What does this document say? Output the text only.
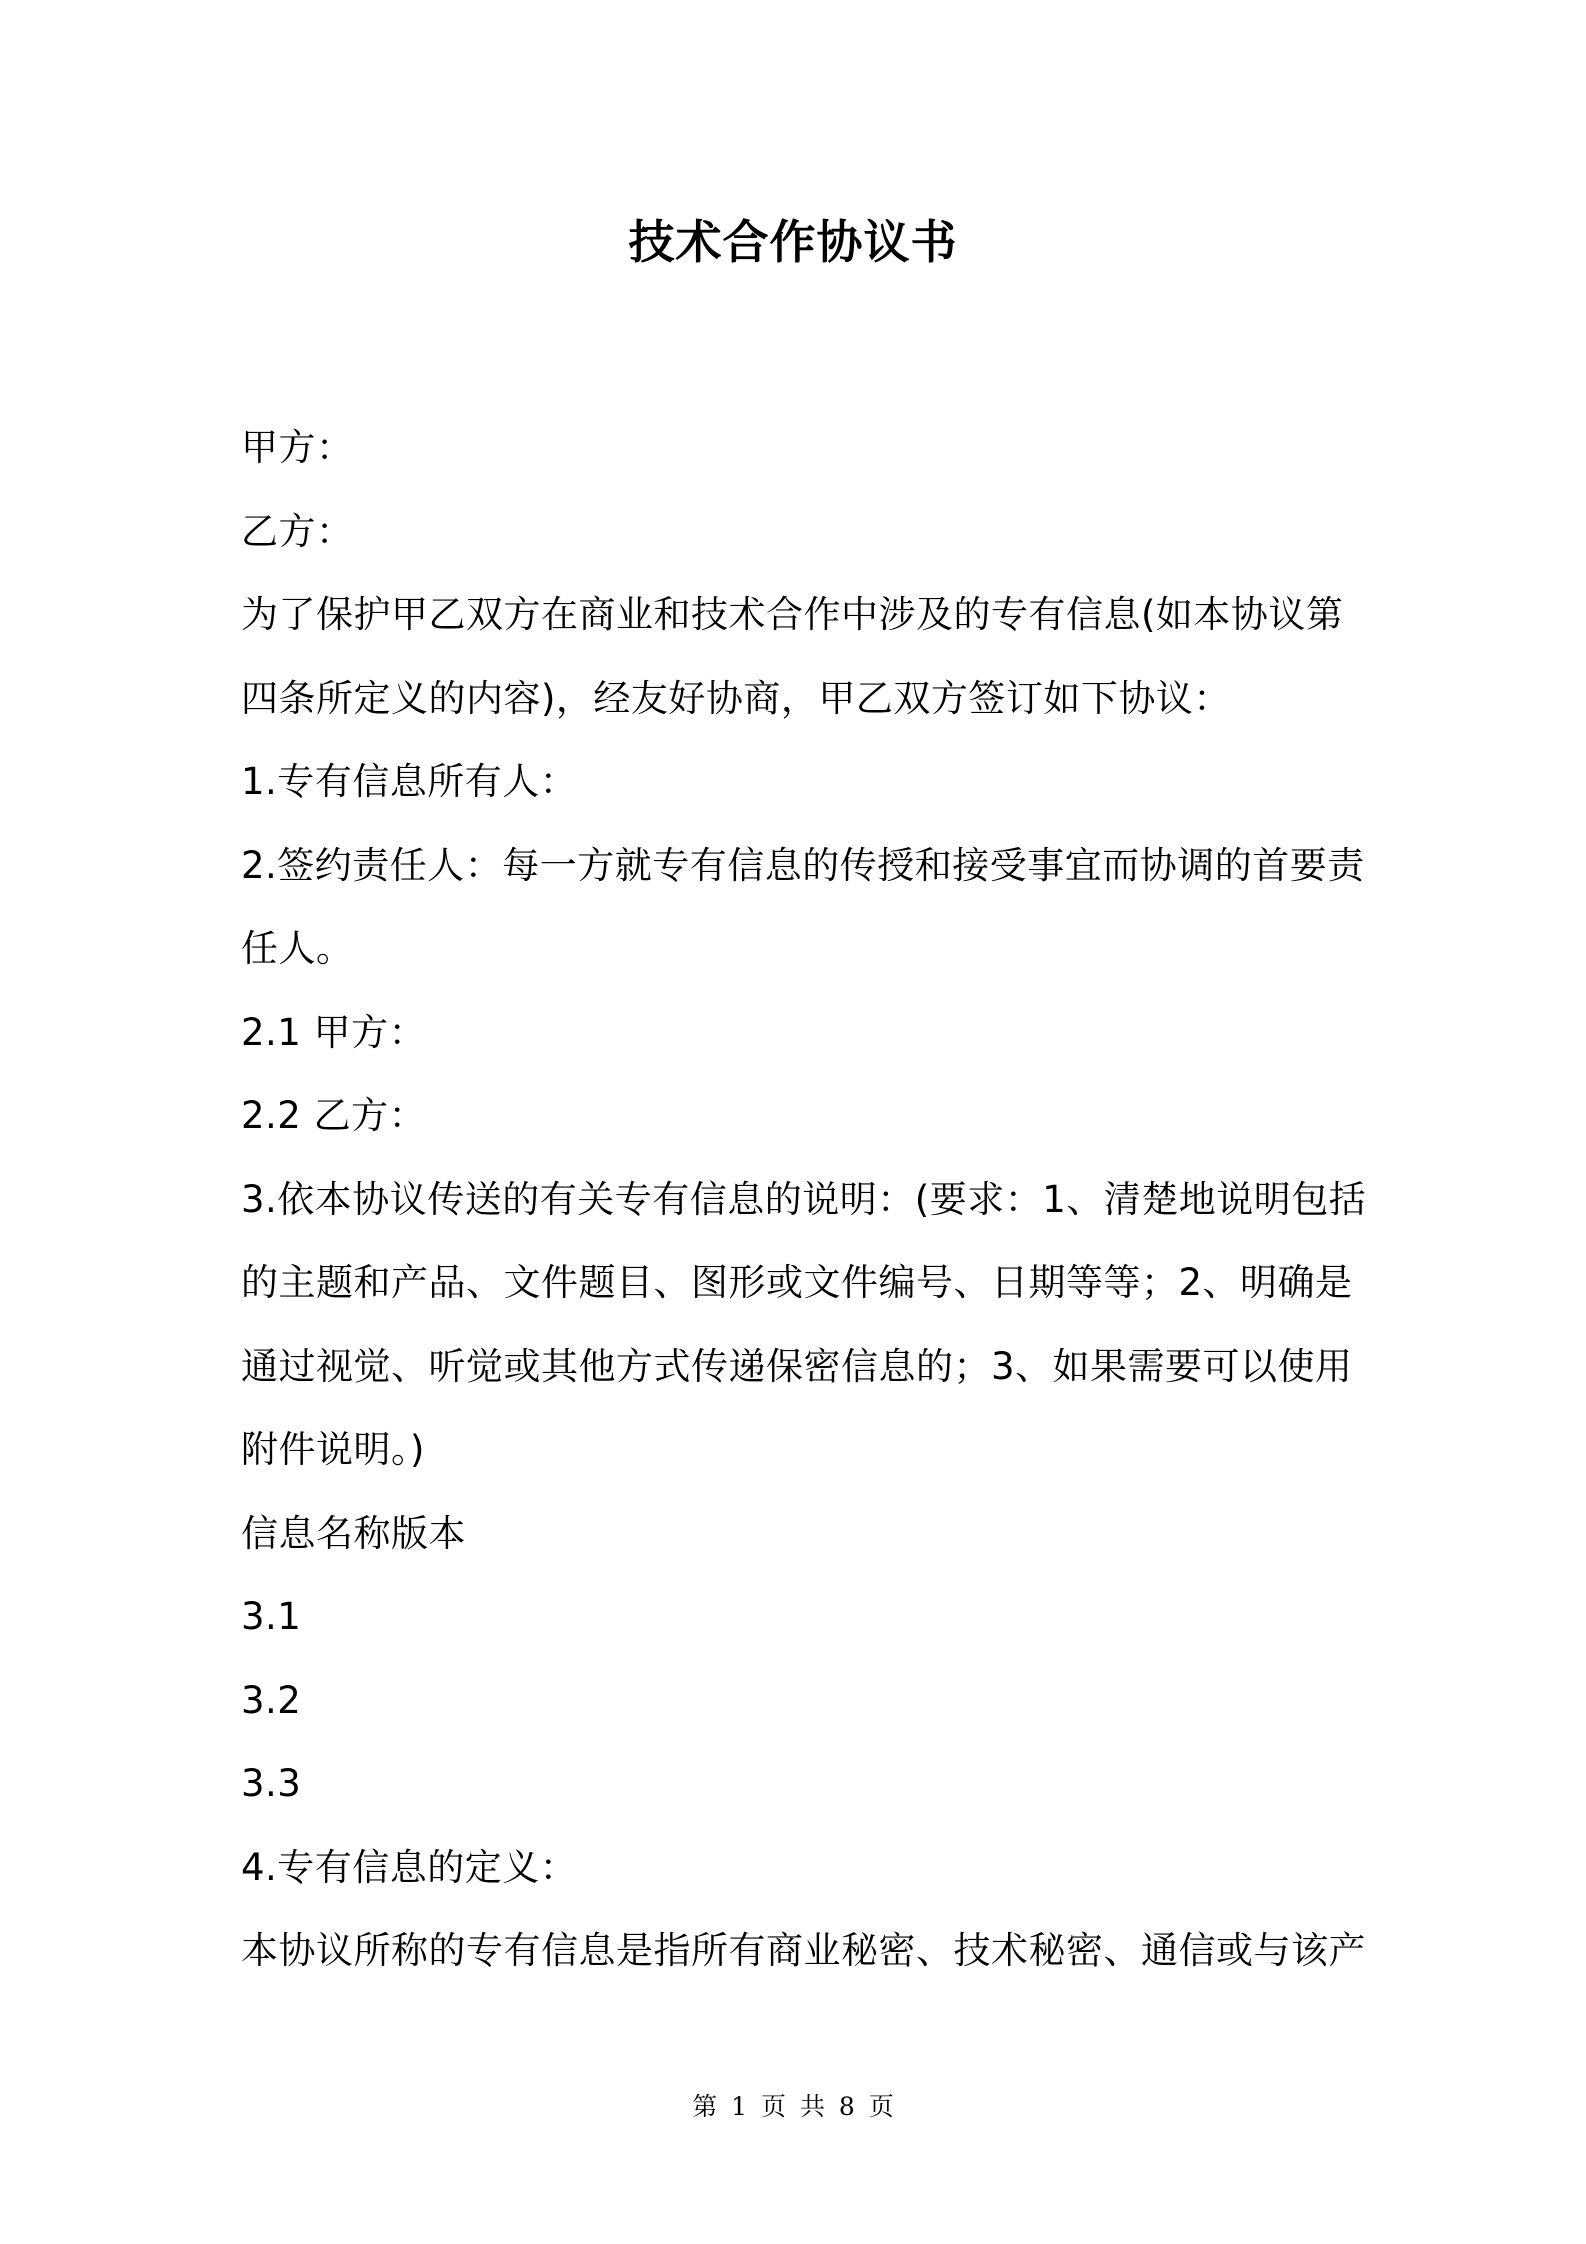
技术合作协议书
甲方：
乙方：
为了保护甲乙双方在商业和技术合作中涉及的专有信息(如本协议第
四条所定义的内容)，经友好协商，甲乙双方签订如下协议：
1.专有信息所有人：
2.签约责任人：每一方就专有信息的传授和接受事宜而协调的首要责
任人。
2.1 甲方：
2.2 乙方：
3.依本协议传送的有关专有信息的说明：(要求：1、清楚地说明包括
的主题和产品、文件题目、图形或文件编号、日期等等；2、明确是
通过视觉、听觉或其他方式传递保密信息的；3、如果需要可以使用
附件说明。)
信息名称版本
3.1
3.2
3.3
4.专有信息的定义：
本协议所称的专有信息是指所有商业秘密、技术秘密、通信或与该产
第 1 页 共 8 页
